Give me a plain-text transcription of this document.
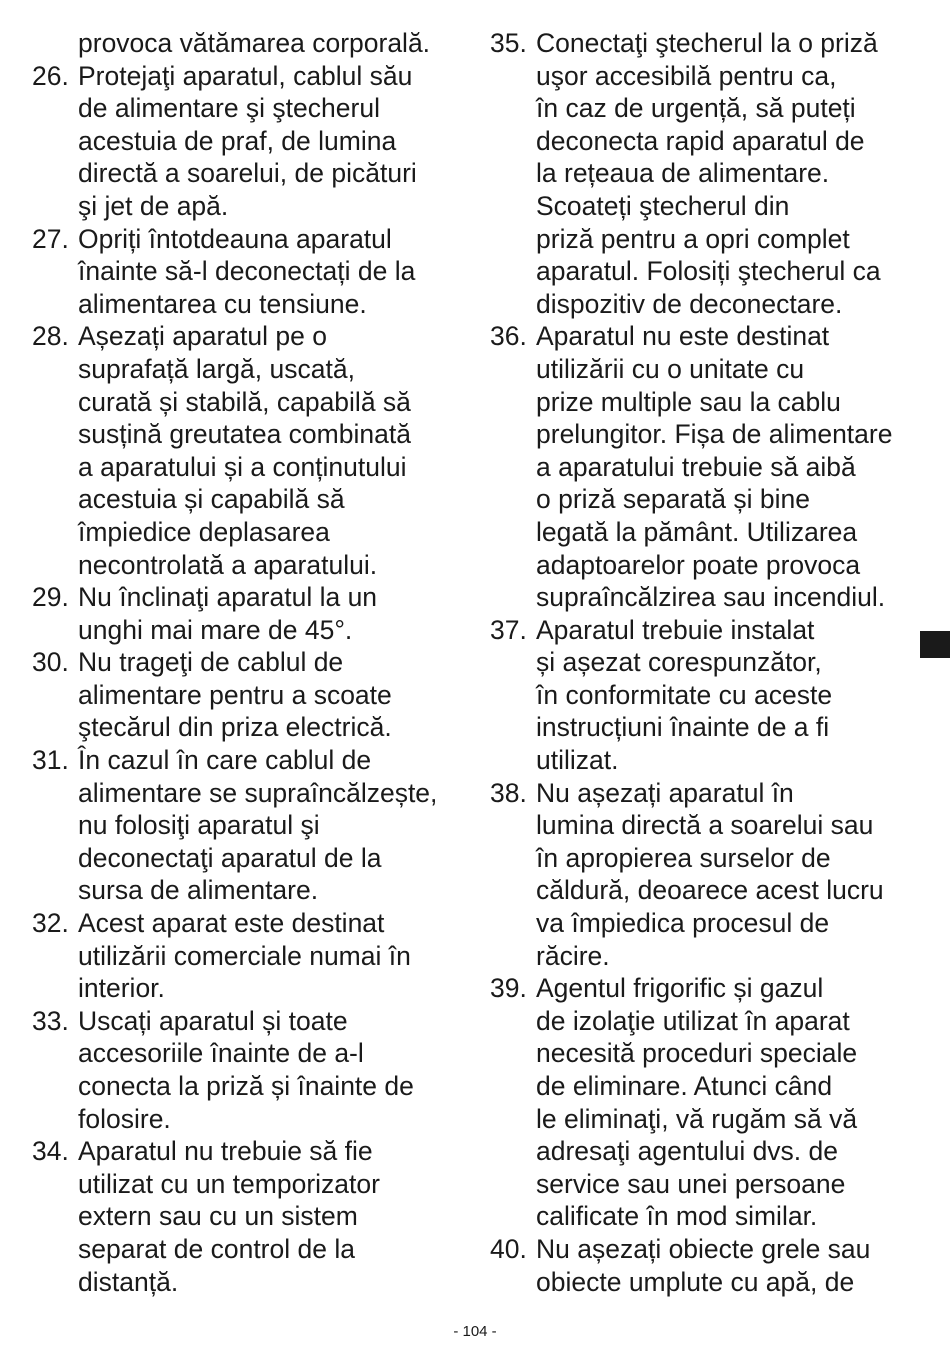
provoca vătămarea corporală.
26. Protejaţi aparatul, cablul său
de alimentare şi ştecherul
acestuia de praf, de lumina
directă a soarelui, de picături
şi jet de apă.
27. Opriți întotdeauna aparatul
înainte să-l deconectați de la
alimentarea cu tensiune.
28. Așezați aparatul pe o
suprafață largă, uscată,
curată și stabilă, capabilă să
susțină greutatea combinată
a aparatului și a conținutului
acestuia și capabilă să
împiedice deplasarea
necontrolată a aparatului.
29. Nu înclinaţi aparatul la un
unghi mai mare de 45°.
30. Nu trageţi de cablul de
alimentare pentru a scoate
ştecărul din priza electrică.
31. În cazul în care cablul de
alimentare se supraîncălzește,
nu folosiţi aparatul şi
deconectaţi aparatul de la
sursa de alimentare.
32. Acest aparat este destinat
utilizării comerciale numai în
interior.
33. Uscați aparatul și toate
accesoriile înainte de a-l
conecta la priză și înainte de
folosire.
34. Aparatul nu trebuie să fie
utilizat cu un temporizator
extern sau cu un sistem
separat de control de la
distanță.
35. Conectaţi ştecherul la o priză
uşor accesibilă pentru ca,
în caz de urgență, să puteți
deconecta rapid aparatul de
la rețeaua de alimentare.
Scoateți ştecherul din
priză pentru a opri complet
aparatul. Folosiți ştecherul ca
dispozitiv de deconectare.
36. Aparatul nu este destinat
utilizării cu o unitate cu
prize multiple sau la cablu
prelungitor. Fișa de alimentare
a aparatului trebuie să aibă
o priză separată și bine
legată la pământ. Utilizarea
adaptoarelor poate provoca
supraîncălzirea sau incendiul.
37. Aparatul trebuie instalat
și așezat corespunzător,
în conformitate cu aceste
instrucțiuni înainte de a fi
utilizat.
38. Nu așezați aparatul în
lumina directă a soarelui sau
în apropierea surselor de
căldură, deoarece acest lucru
va împiedica procesul de
răcire.
39. Agentul frigorific și gazul
de izolaţie utilizat în aparat
necesită proceduri speciale
de eliminare. Atunci când
le eliminaţi, vă rugăm să vă
adresaţi agentului dvs. de
service sau unei persoane
calificate în mod similar.
40. Nu așezați obiecte grele sau
obiecte umplute cu apă, de
- 104 -
